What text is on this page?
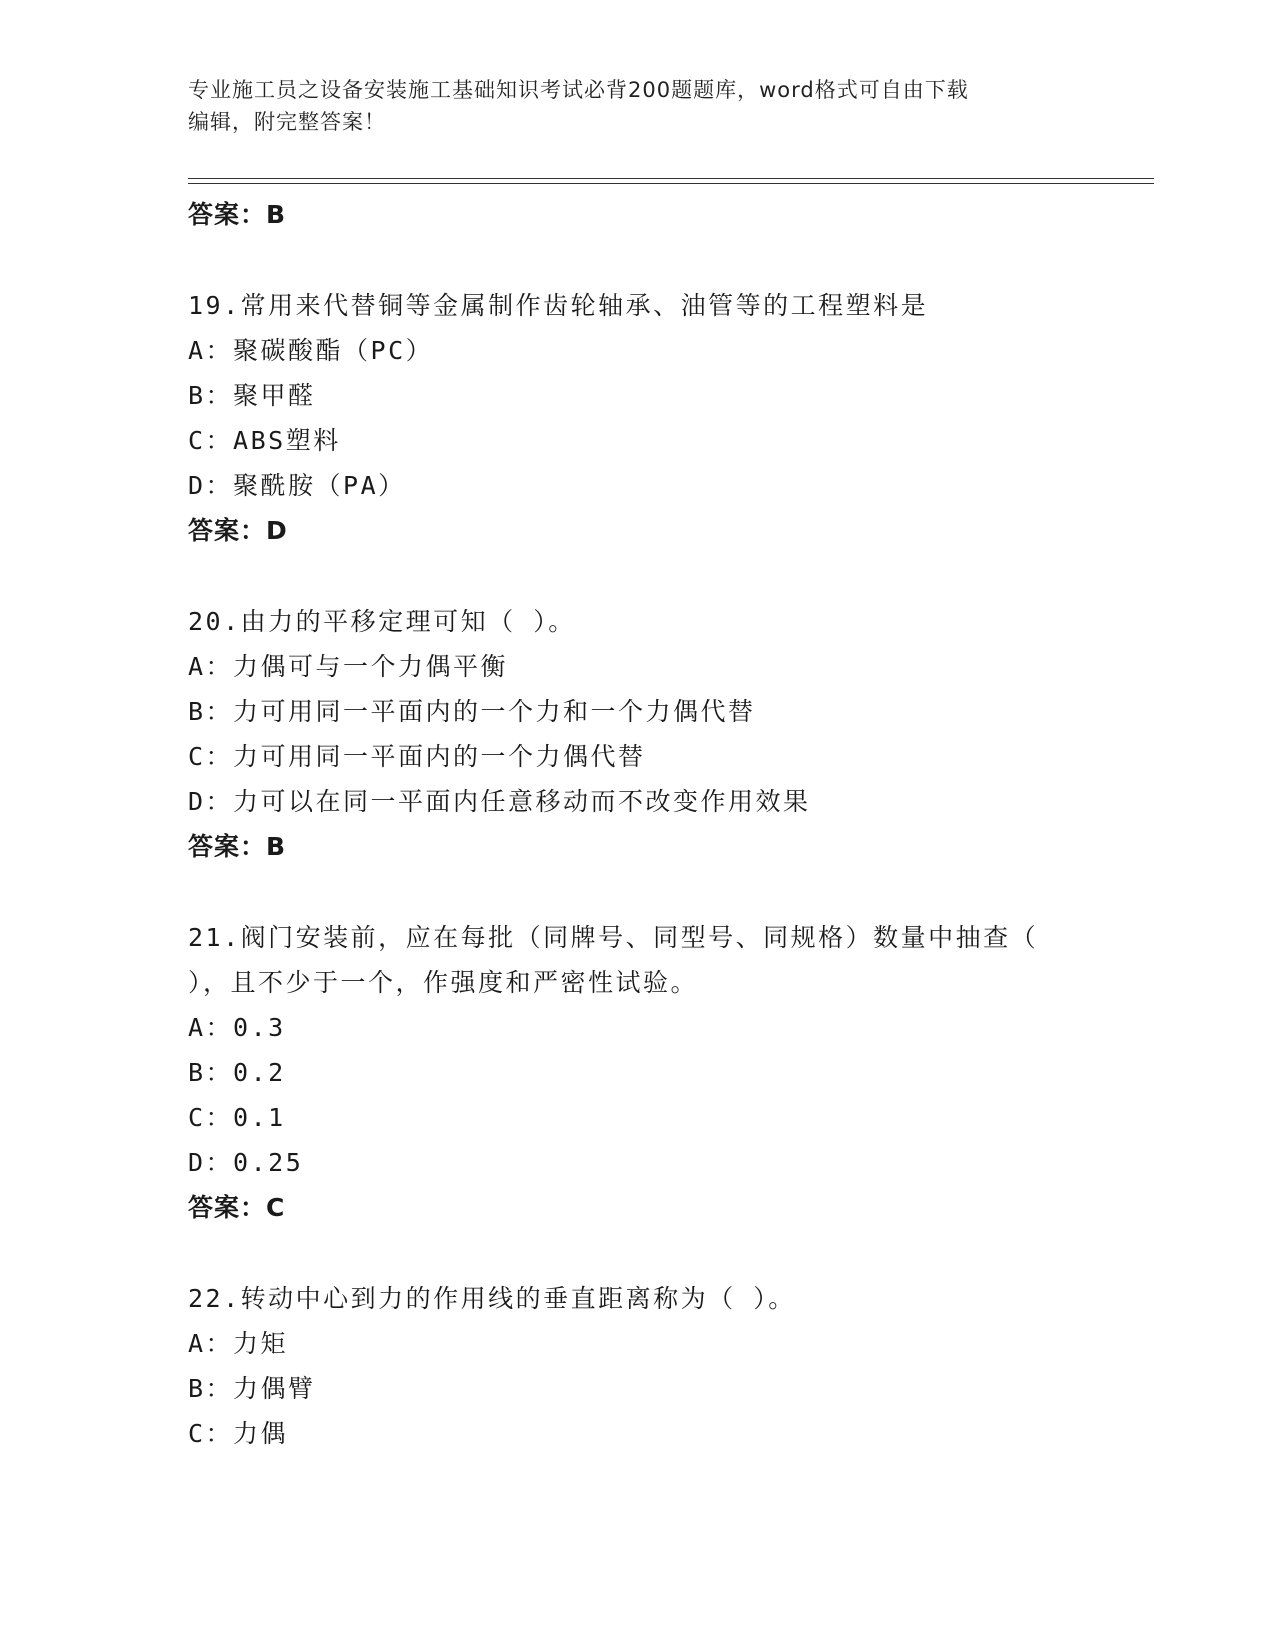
专业施工员之设备安装施工基础知识考试必背200题题库，word格式可自由下载
编辑，附完整答案！
答案：B
19.常用来代替铜等金属制作齿轮轴承、油管等的工程塑料是
A：聚碳酸酯（PC）
B：聚甲醛
C：ABS塑料
D：聚酰胺（PA）
答案：D
20.由力的平移定理可知（ ）。
A：力偶可与一个力偶平衡
B：力可用同一平面内的一个力和一个力偶代替
C：力可用同一平面内的一个力偶代替
D：力可以在同一平面内任意移动而不改变作用效果
答案：B
21.阀门安装前，应在每批（同牌号、同型号、同规格）数量中抽查（
），且不少于一个，作强度和严密性试验。
A：0.3
B：0.2
C：0.1
D：0.25
答案：C
22.转动中心到力的作用线的垂直距离称为（ ）。
A：力矩
B：力偶臂
C：力偶
